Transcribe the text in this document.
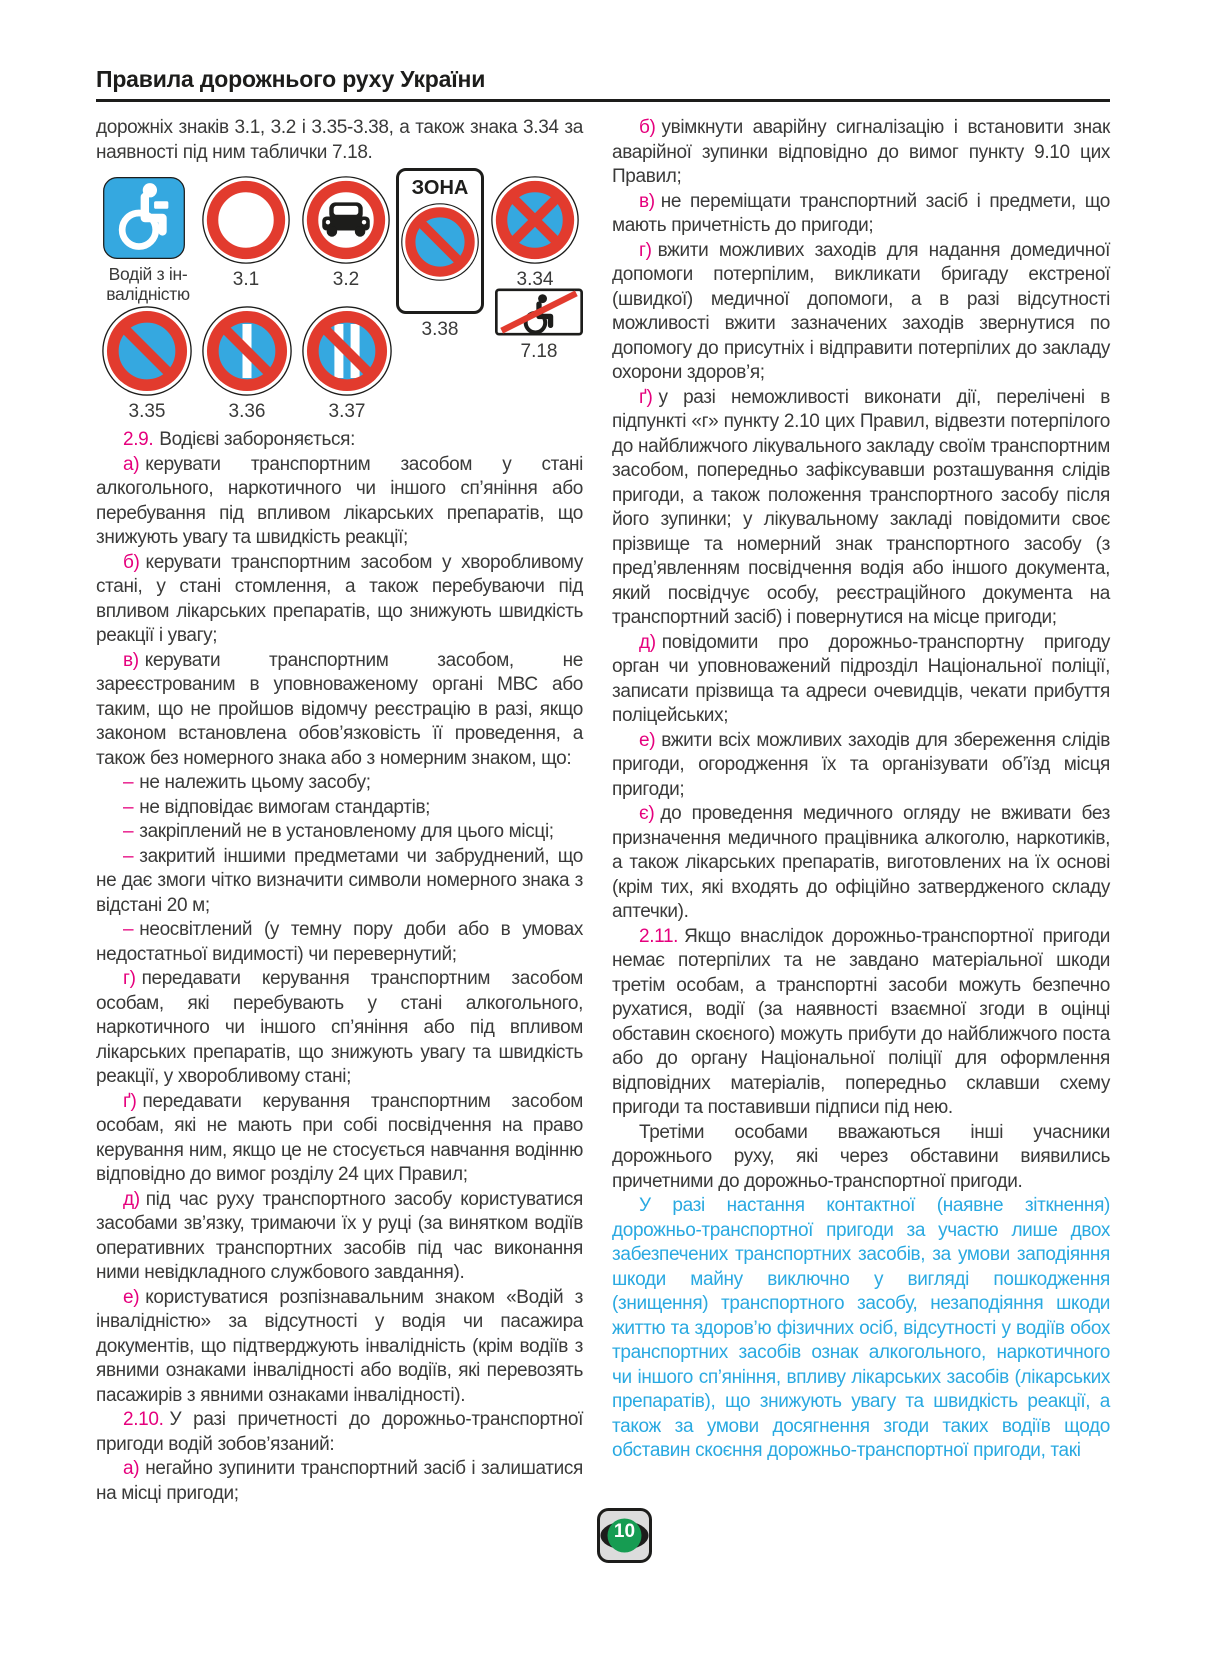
Правила дорожнього руху України

дорожніх знаків 3.1, 3.2 і 3.35-3.38, а також знака 3.34 за наявності під ним таблички 7.18.

Водій з ін-
валідністю
3.1	3.2
ЗОНА
3.38
3.34
7.18
3.35	3.36	3.37

2.9. Водієві забороняється:

а) керувати транспортним засобом у стані алкогольного, наркотичного чи іншого сп’яніння або перебування під впливом лікарських препаратів, що знижують увагу та швидкість реакції;

б) керувати транспортним засобом у хворобливому стані, у стані стомлення, а також перебуваючи під впливом лікарських препаратів, що знижують швидкість реакції і увагу;

в) керувати транспортним засобом, не зареєстрованим в уповноваженому органі МВС або таким, що не пройшов відомчу реєстрацію в разі, якщо законом встановлена обов’язковість її проведення, а також без номерного знака або з номерним знаком, що:

– не належить цьому засобу;

– не відповідає вимогам стандартів;

– закріплений не в установленому для цього місці;

– закритий іншими предметами чи забруднений, що не дає змоги чітко визначити символи номерного знака з відстані 20 м;

– неосвітлений (у темну пору доби або в умовах недостатньої видимості) чи перевернутий;

г) передавати керування транспортним засобом особам, які перебувають у стані алкогольного, наркотичного чи іншого сп’яніння або під впливом лікарських препаратів, що знижують увагу та швидкість реакції, у хворобливому стані;

ґ) передавати керування транспортним засобом особам, які не мають при собі посвідчення на право керування ним, якщо це не стосується навчання водінню відповідно до вимог розділу 24 цих Правил;

д) під час руху транспортного засобу користуватися засобами зв’язку, тримаючи їх у руці (за винятком водіїв оперативних транспортних засобів під час виконання ними невідкладного службового завдання).

е) користуватися розпізнавальним знаком «Водій з інвалідністю» за відсутності у водія чи пасажира документів, що підтверджують інвалідність (крім водіїв з явними ознаками інвалідності або водіїв, які перевозять пасажирів з явними ознаками інвалідності).

2.10. У разі причетності до дорожньо-транспортної пригоди водій зобов’язаний:

а) негайно зупинити транспортний засіб і залишатися на місці пригоди;

б) увімкнути аварійну сигналізацію і встановити знак аварійної зупинки відповідно до вимог пункту 9.10 цих Правил;

в) не переміщати транспортний засіб і предмети, що мають причетність до пригоди;

г) вжити можливих заходів для надання домедичної допомоги потерпілим, викликати бригаду екстреної (швидкої) медичної допомоги, а в разі відсутності можливості вжити зазначених заходів звернутися по допомогу до присутніх і відправити потерпілих до закладу охорони здоров’я;

ґ) у разі неможливості виконати дії, перелічені в підпункті «г» пункту 2.10 цих Правил, відвезти потерпілого до найближчого лікувального закладу своїм транспортним засобом, попередньо зафіксувавши розташування слідів пригоди, а також положення транспортного засобу після його зупинки; у лікувальному закладі повідомити своє прізвище та номерний знак транспортного засобу (з пред’явленням посвідчення водія або іншого документа, який посвідчує особу, реєстраційного документа на транспортний засіб) і повернутися на місце пригоди;

д) повідомити про дорожньо-транспортну пригоду орган чи уповноважений підрозділ Національної поліції, записати прізвища та адреси очевидців, чекати прибуття поліцейських;

е) вжити всіх можливих заходів для збереження слідів пригоди, огородження їх та організувати об’їзд місця пригоди;

є) до проведення медичного огляду не вживати без призначення медичного працівника алкоголю, наркотиків, а також лікарських препаратів, виготовлених на їх основі (крім тих, які входять до офіційно затвердженого складу аптечки).

2.11. Якщо внаслідок дорожньо-транспортної пригоди немає потерпілих та не завдано матеріальної шкоди третім особам, а транспортні засоби можуть безпечно рухатися, водії (за наявності взаємної згоди в оцінці обставин скоєного) можуть прибути до найближчого поста або до органу Національної поліції для оформлення відповідних матеріалів, попередньо склавши схему пригоди та поставивши підписи під нею.

Третіми особами вважаються інші учасники дорожнього руху, які через обставини виявились причетними до дорожньо-транспортної пригоди.

У разі настання контактної (наявне зіткнення) дорожньо-транспортної пригоди за участю лише двох забезпечених транспортних засобів, за умови заподіяння шкоди майну виключно у вигляді пошкодження (знищення) транспортного засобу, незаподіяння шкоди життю та здоров’ю фізичних осіб, відсутності у водіїв обох транспортних засобів ознак алкогольного, наркотичного чи іншого сп’яніння, впливу лікарських засобів (лікарських препаратів), що знижують увагу та швидкість реакції, а також за умови досягнення згоди таких водіїв щодо обставин скоєння дорожньо-транспортної пригоди, такі

10
